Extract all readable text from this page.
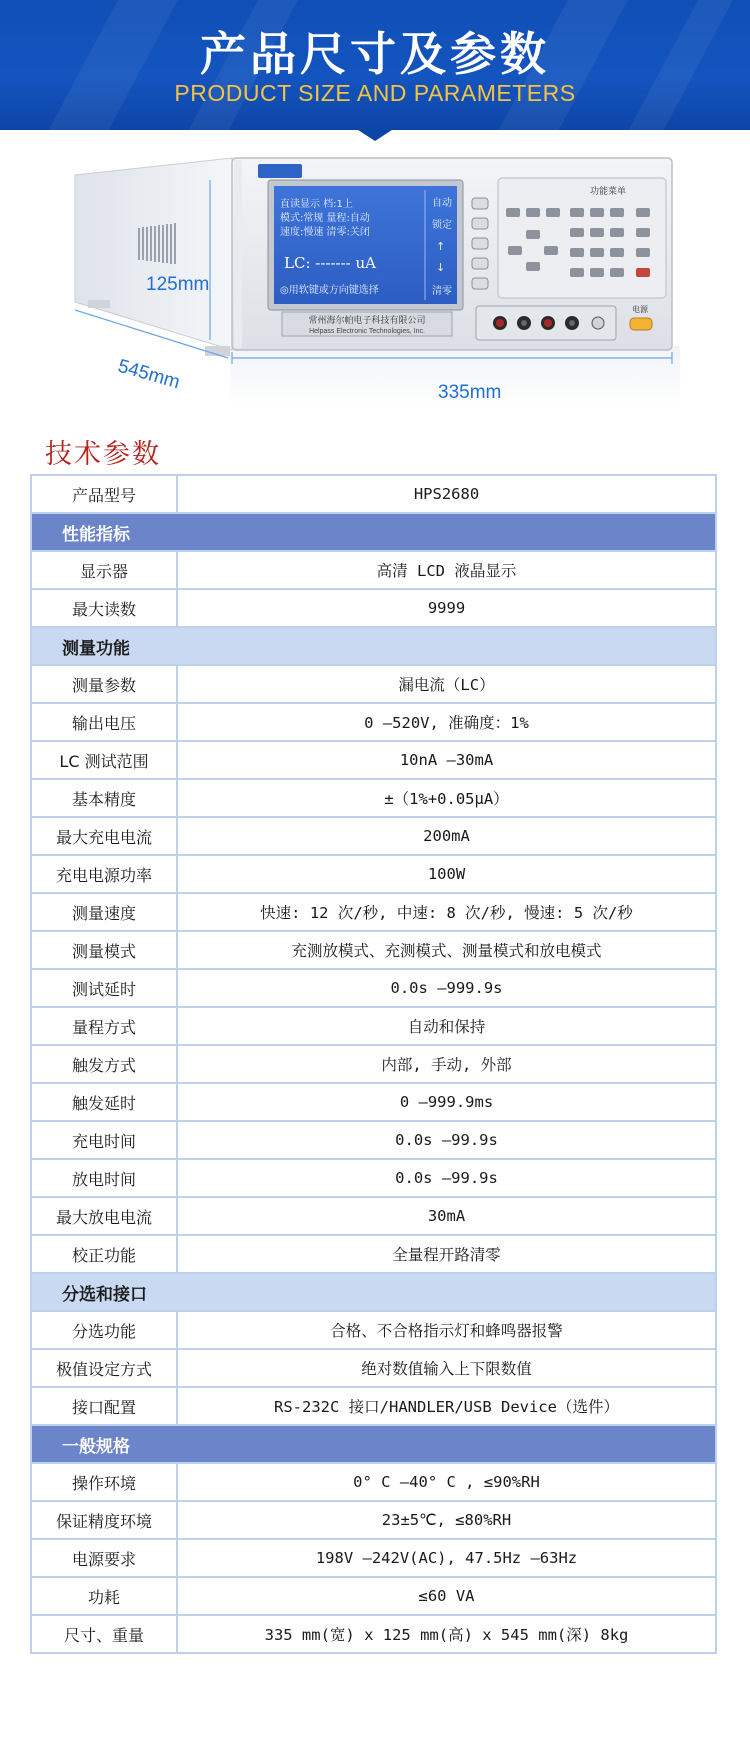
产品尺寸及参数
PRODUCT SIZE AND PARAMETERS
直读显示 档:1上
模式:常规 量程:自动
速度:慢速 清零:关闭
LC: ------- uA
◎用软键或方向键选择
自动
锁定
↑
↓
清零
常州海尔帕电子科技有限公司
Helpass Electronic Technologies, Inc.
功能菜单
电源
125mm
545mm	335mm
技术参数
产品型号	HPS2680
性能指标	
显示器	高清 LCD 液晶显示
最大读数	9999
测量功能	
测量参数	漏电流（LC）
输出电压	0 —520V, 准确度：1%
LC 测试范围	10nA —30mA
基本精度	±（1%+0.05μA）
最大充电电流	200mA
充电电源功率	100W
测量速度	快速: 12 次/秒, 中速: 8 次/秒, 慢速: 5 次/秒
测量模式	充测放模式、充测模式、测量模式和放电模式
测试延时	0.0s —999.9s
量程方式	自动和保持
触发方式	内部, 手动, 外部
触发延时	0 —999.9ms
充电时间	0.0s —99.9s
放电时间	0.0s —99.9s
最大放电电流	30mA
校正功能	全量程开路清零
分选和接口	
分选功能	合格、不合格指示灯和蜂鸣器报警
极值设定方式	绝对数值输入上下限数值
接口配置	RS-232C 接口/HANDLER/USB Device（选件）
一般规格	
操作环境	0° C —40° C , ≤90%RH
保证精度环境	23±5℃, ≤80%RH
电源要求	198V —242V(AC), 47.5Hz —63Hz
功耗	≤60 VA
尺寸、重量	335 mm(宽) x 125 mm(高) x 545 mm(深) 8kg
